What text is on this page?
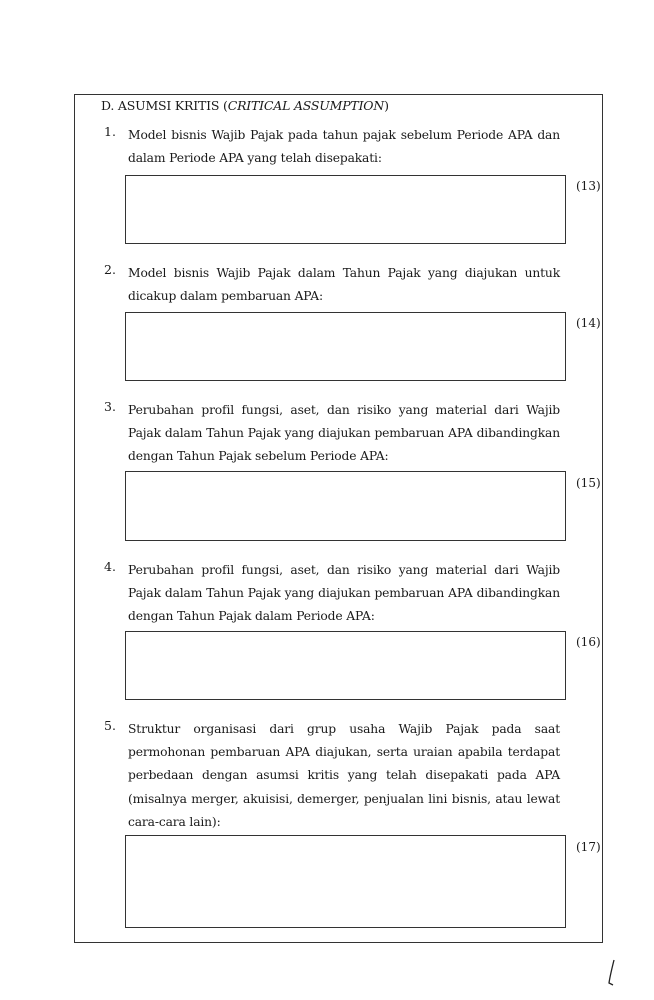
D. ASUMSI KRITIS (CRITICAL ASSUMPTION)
1. Model bisnis Wajib Pajak pada tahun pajak sebelum Periode APA dan dalam Periode APA yang telah disepakati:
(13)
2. Model bisnis Wajib Pajak dalam Tahun Pajak yang diajukan untuk dicakup dalam pembaruan APA:
(14)
3. Perubahan profil fungsi, aset, dan risiko yang material dari Wajib Pajak dalam Tahun Pajak yang diajukan pembaruan APA dibandingkan dengan Tahun Pajak sebelum Periode APA:
(15)
4. Perubahan profil fungsi, aset, dan risiko yang material dari Wajib Pajak dalam Tahun Pajak yang diajukan pembaruan APA dibandingkan dengan Tahun Pajak dalam Periode APA:
(16)
5. Struktur organisasi dari grup usaha Wajib Pajak pada saat permohonan pembaruan APA diajukan, serta uraian apabila terdapat perbedaan dengan asumsi kritis yang telah disepakati pada APA (misalnya merger, akuisisi, demerger, penjualan lini bisnis, atau lewat cara-cara lain):
(17)
